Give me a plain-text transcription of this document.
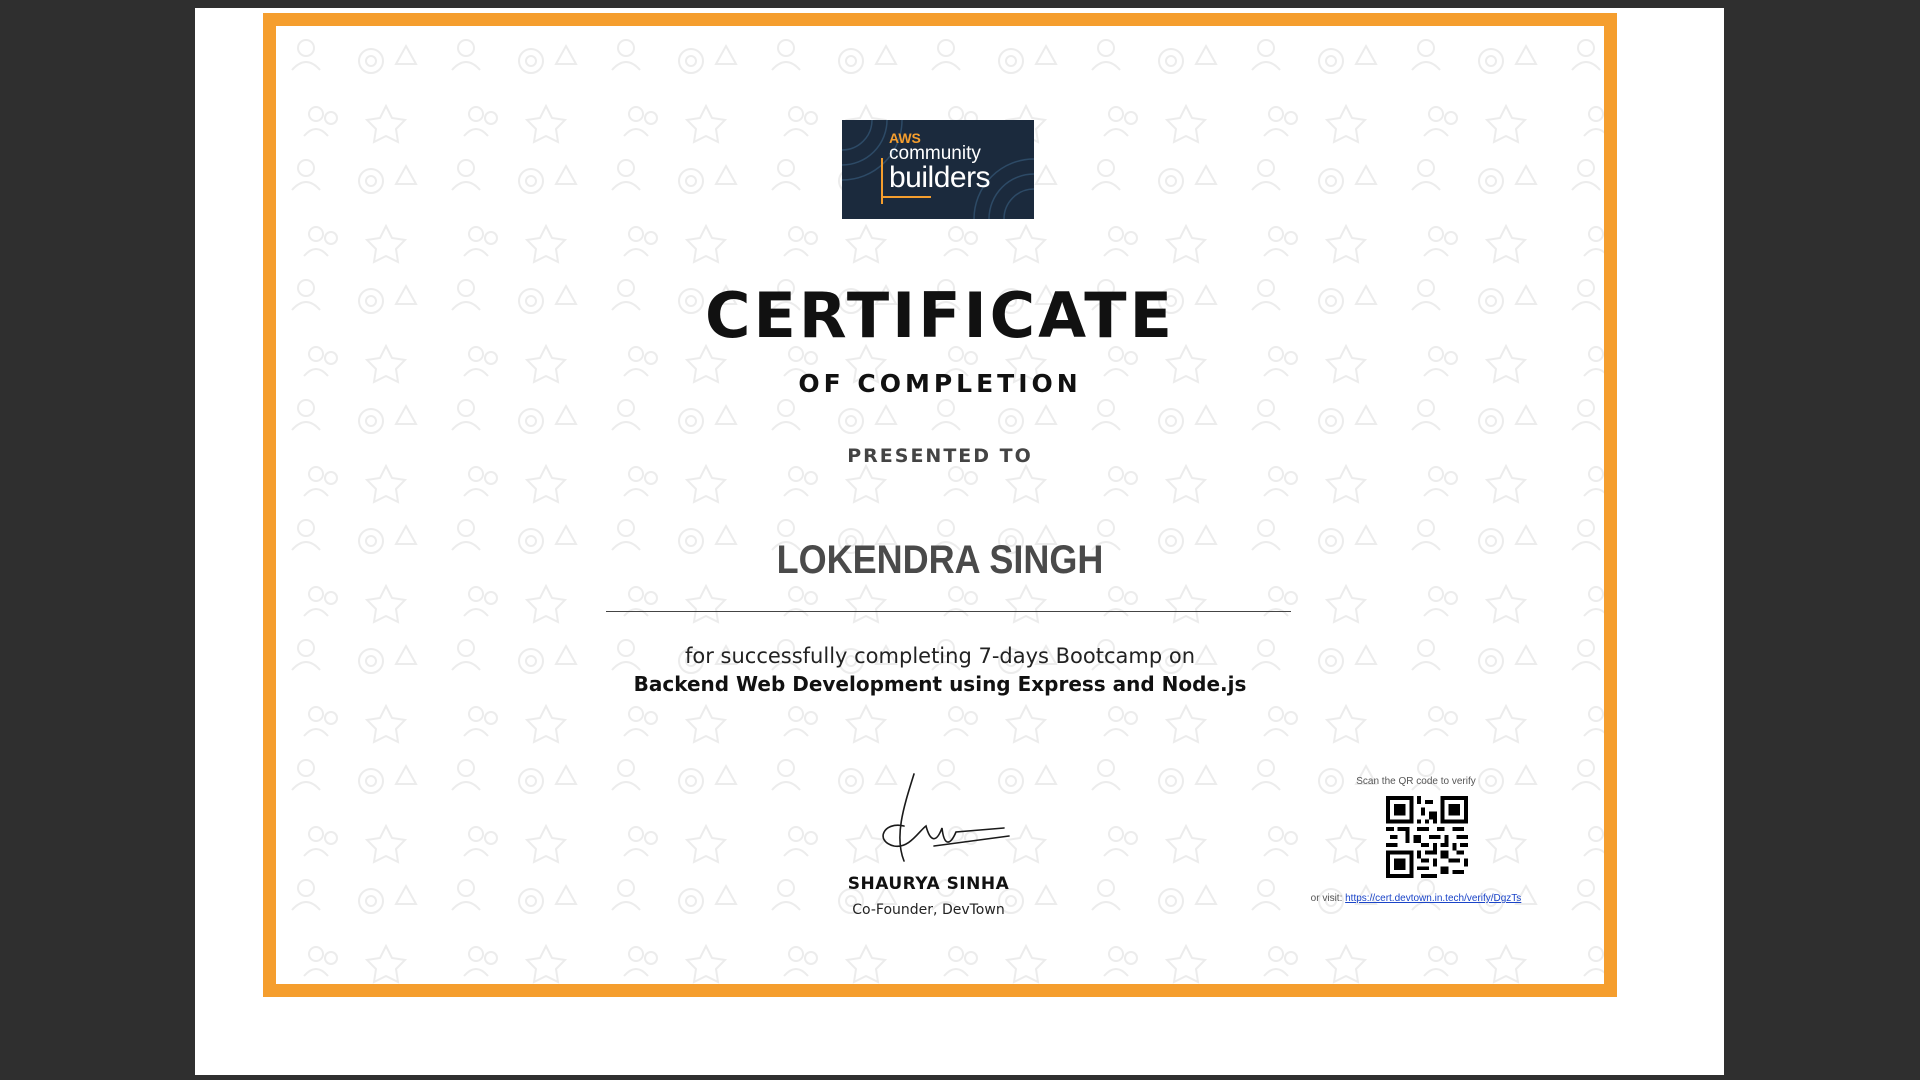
AWS
community
builders
CERTIFICATE
OF COMPLETION
PRESENTED TO
LOKENDRA SINGH
for successfully completing 7-days Bootcamp on
Backend Web Development using Express and Node.js
SHAURYA SINHA
Co-Founder, DevTown
Scan the QR code to verify
or visit: https://cert.devtown.in.tech/verify/DgzTs
